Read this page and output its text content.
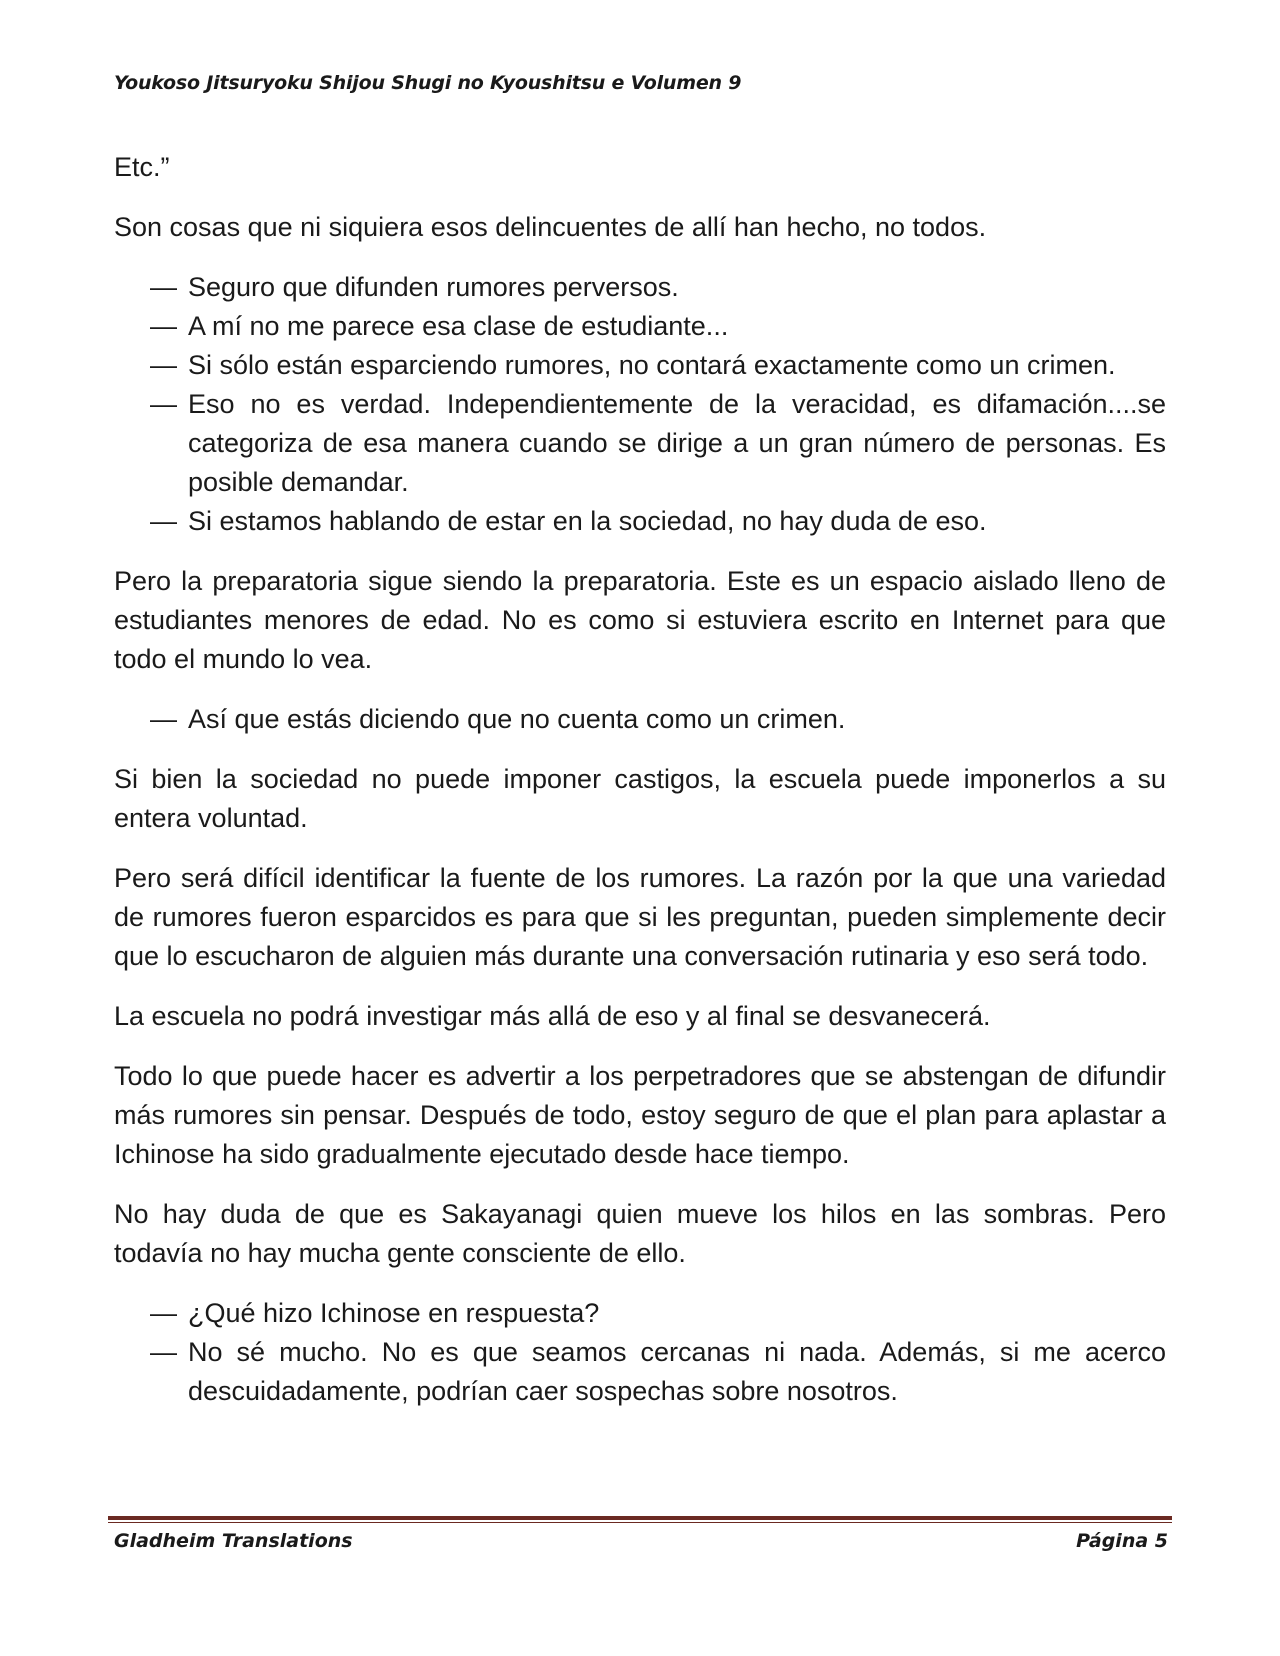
Youkoso Jitsuryoku Shijou Shugi no Kyoushitsu e Volumen 9

Etc.”

Son cosas que ni siquiera esos delincuentes de allí han hecho, no todos.

— Seguro que difunden rumores perversos.
— A mí no me parece esa clase de estudiante...
— Si sólo están esparciendo rumores, no contará exactamente como un crimen.
— Eso no es verdad. Independientemente de la veracidad, es difamación....se categoriza de esa manera cuando se dirige a un gran número de personas. Es posible demandar.
— Si estamos hablando de estar en la sociedad, no hay duda de eso.

Pero la preparatoria sigue siendo la preparatoria. Este es un espacio aislado lleno de estudiantes menores de edad. No es como si estuviera escrito en Internet para que todo el mundo lo vea.

— Así que estás diciendo que no cuenta como un crimen.

Si bien la sociedad no puede imponer castigos, la escuela puede imponerlos a su entera voluntad.

Pero será difícil identificar la fuente de los rumores. La razón por la que una variedad de rumores fueron esparcidos es para que si les preguntan, pueden simplemente decir que lo escucharon de alguien más durante una conversación rutinaria y eso será todo.

La escuela no podrá investigar más allá de eso y al final se desvanecerá.

Todo lo que puede hacer es advertir a los perpetradores que se abstengan de difundir más rumores sin pensar. Después de todo, estoy seguro de que el plan para aplastar a Ichinose ha sido gradualmente ejecutado desde hace tiempo.

No hay duda de que es Sakayanagi quien mueve los hilos en las sombras. Pero todavía no hay mucha gente consciente de ello.

— ¿Qué hizo Ichinose en respuesta?
— No sé mucho. No es que seamos cercanas ni nada. Además, si me acerco descuidadamente, podrían caer sospechas sobre nosotros.
Gladheim Translations	Página 5
